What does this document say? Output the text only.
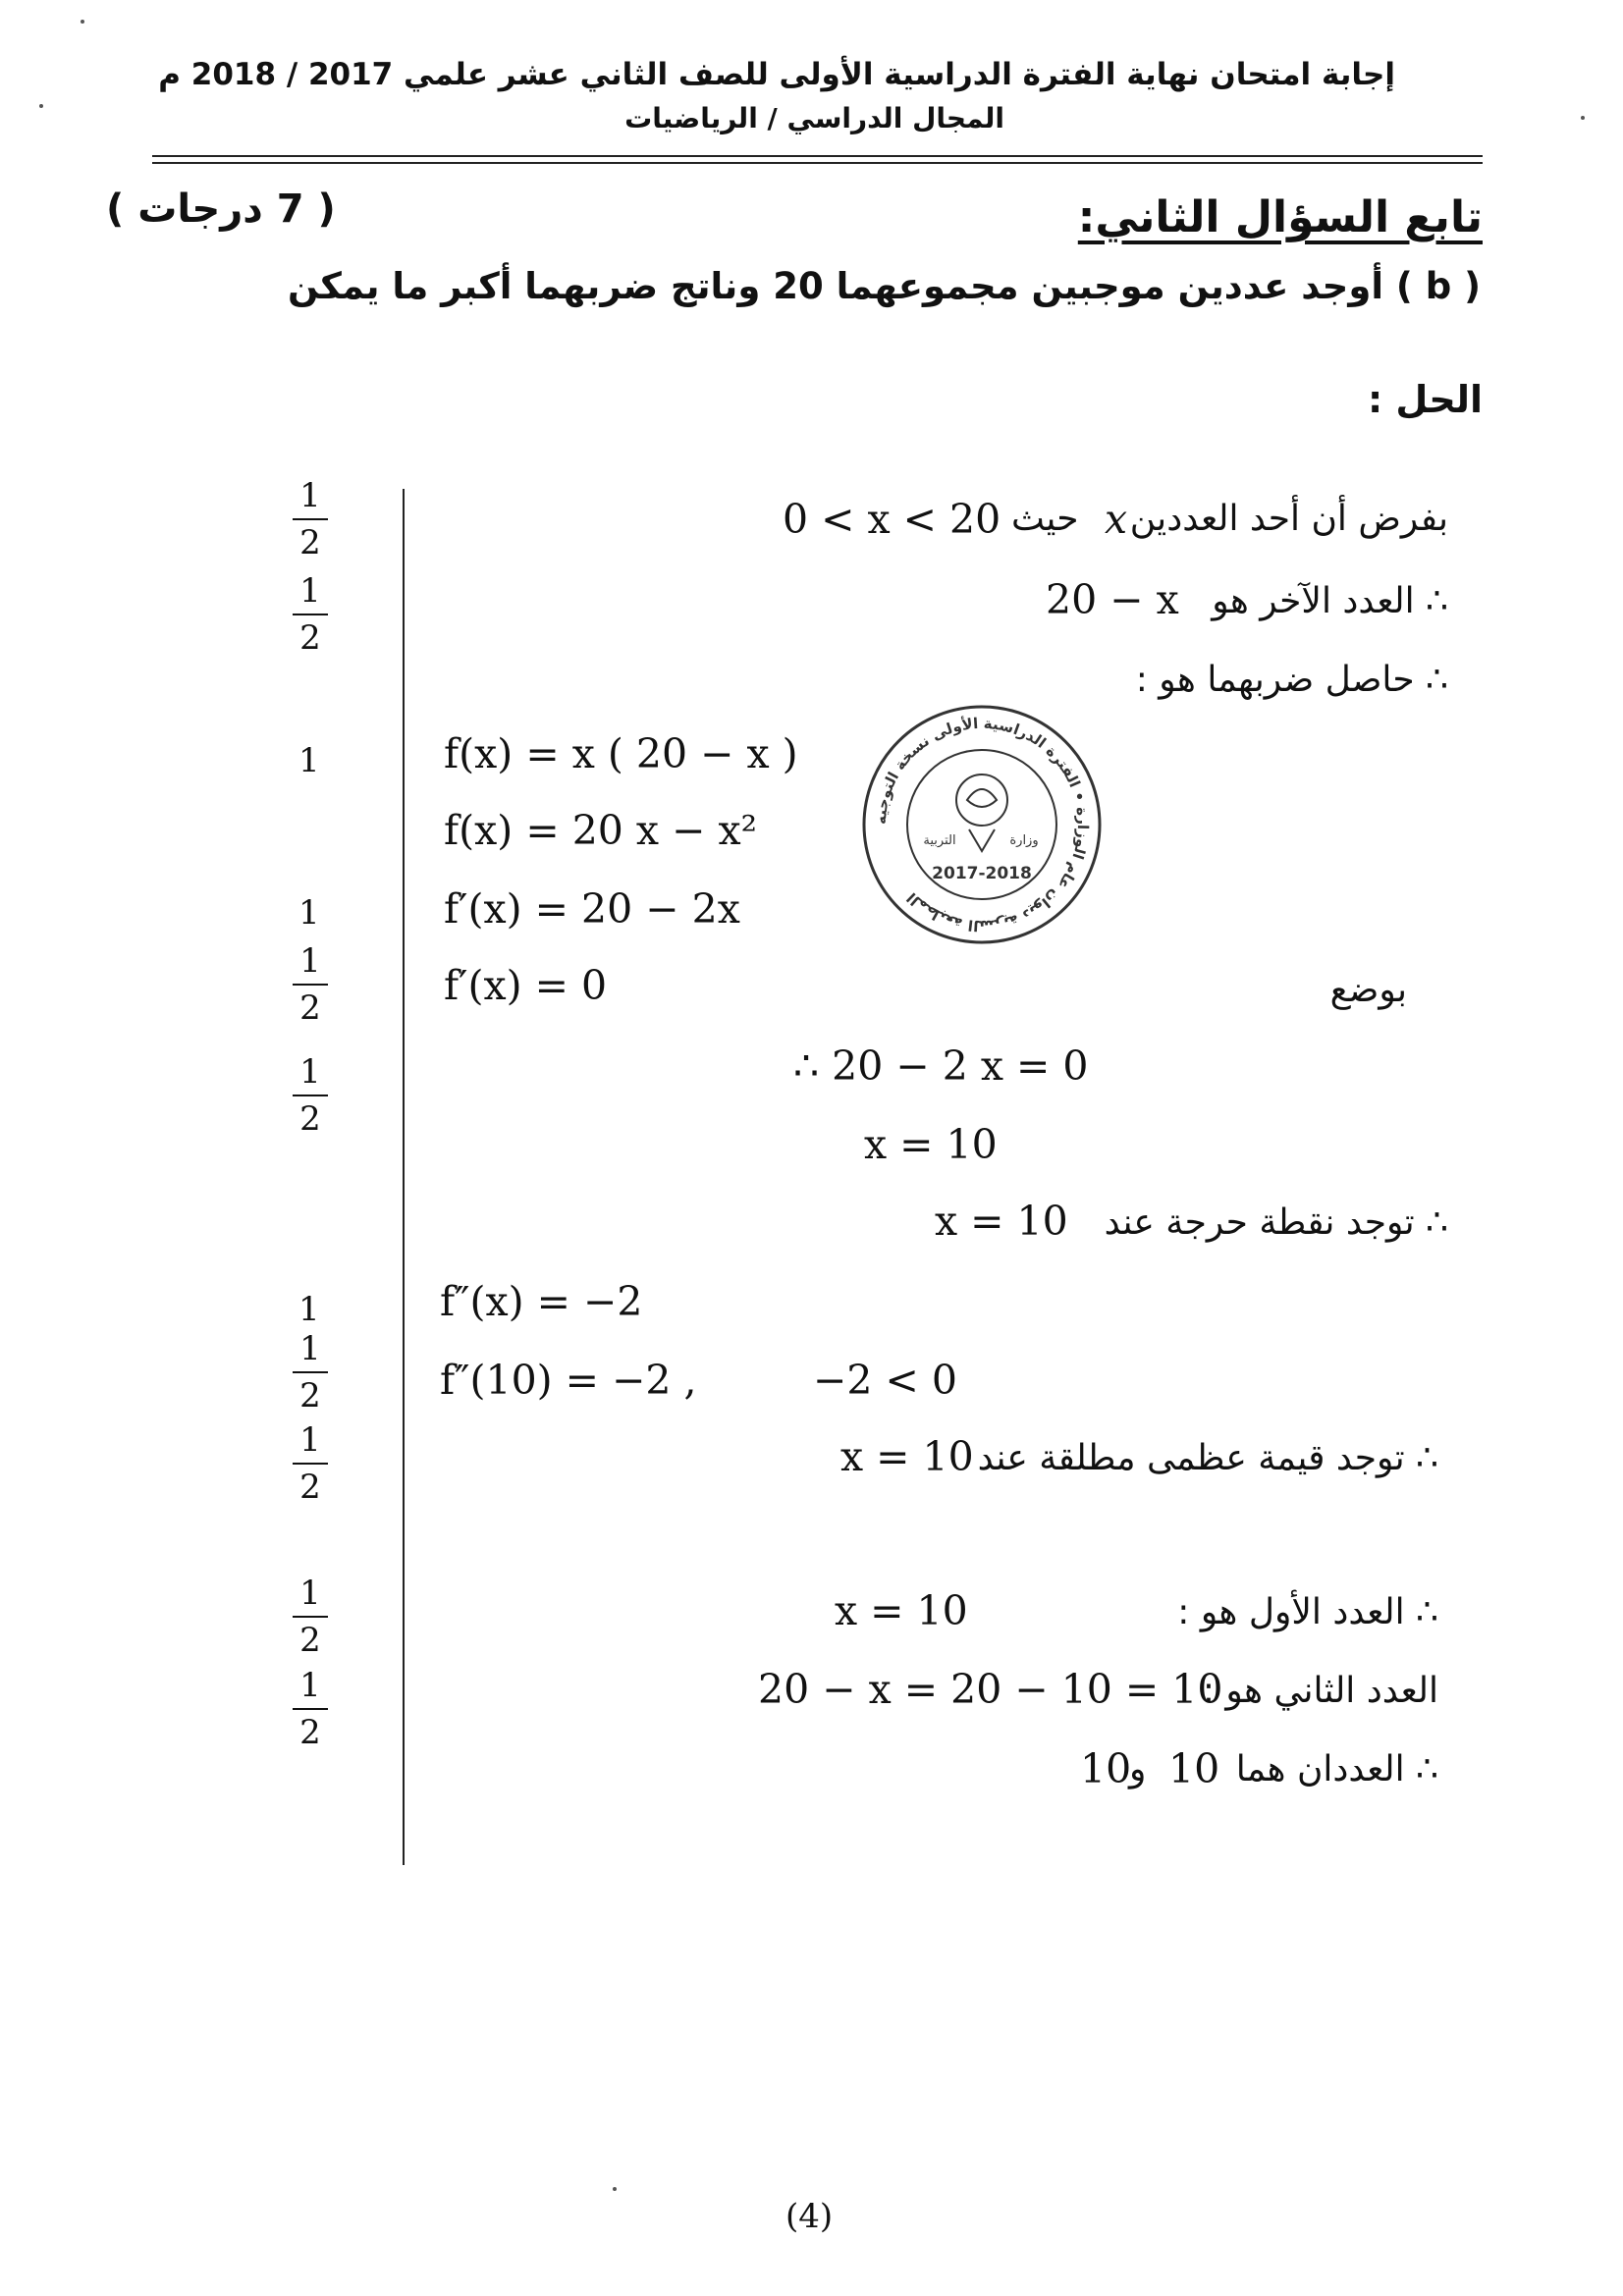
إجابة امتحان نهاية الفترة الدراسية الأولى للصف الثاني عشر علمي 2017 / 2018 م
المجال الدراسي / الرياضيات
تابع السؤال الثاني:
( 7 درجات )
( b ) أوجد عددين موجبين مجموعهما 20 وناتج ضربهما أكبر ما يمكن
الحل :
$\frac{1}{2}$
$\frac{1}{2}$
1
1
$\frac{1}{2}$
$\frac{1}{2}$
1
$\frac{1}{2}$
$\frac{1}{2}$
$\frac{1}{2}$
$\frac{1}{2}$
بفرض أن أحد العددين
x
حيث
0 < x < 20
∴ العدد الآخر هو
20 − x
∴ حاصل ضربهما هو :
f(x) = x ( 20 − x )
f(x) = 20 x − x²
f′(x) = 20 − 2x
f′(x) = 0	بوضع
∴ 20 − 2 x = 0
x = 10
∴ توجد نقطة حرجة عند
x = 10
f″(x) = −2
f″(10) = −2 ,	−2 < 0
∴ توجد قيمة عظمى مطلقة عند
x = 10
∴ العدد الأول هو :
x = 10
العدد الثاني هو :
20 − x = 20 − 10 = 10
∴ العددان هما
10
و
10
المطبعة السرية ديوان عام الوزارة • الفترة الدراسية الأولى نسخة التوجيه
التربية	وزارة
2017-2018
(4)
